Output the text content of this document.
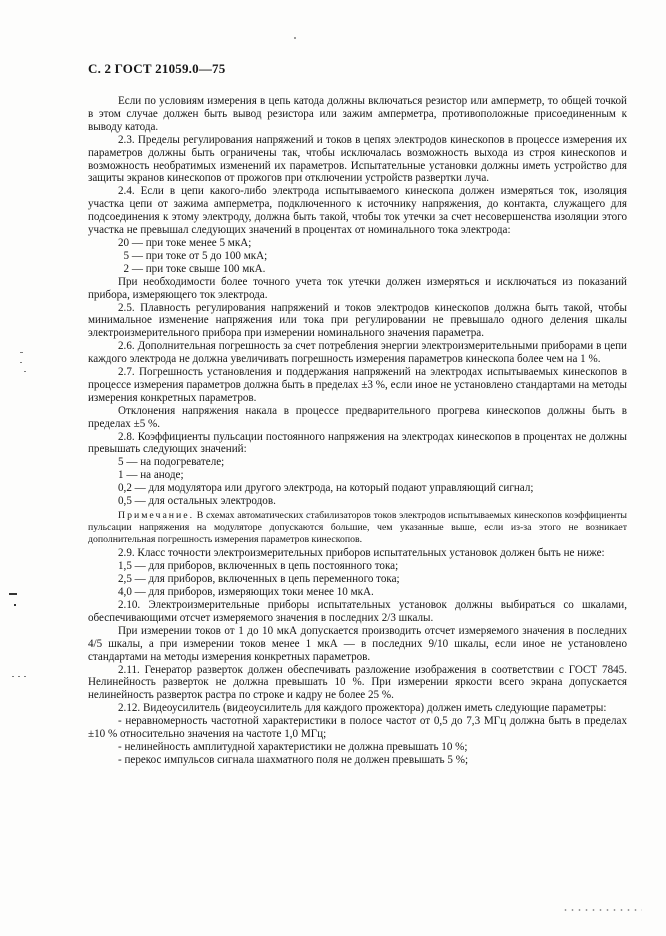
С. 2 ГОСТ 21059.0—75

Если по условиям измерения в цепь катода должны включаться резистор или амперметр, то общей точкой в этом случае должен быть вывод резистора или зажим амперметра, противоположные присоединенным к выводу катода.

2.3. Пределы регулирования напряжений и токов в цепях электродов кинескопов в процессе измерения их параметров должны быть ограничены так, чтобы исключалась возможность выхода из строя кинескопов и возможность необратимых изменений их параметров. Испытательные установки должны иметь устройство для защиты экранов кинескопов от прожогов при отключении устройств развертки луча.

2.4. Если в цепи какого-либо электрода испытываемого кинескопа должен измеряться ток, изоляция участка цепи от зажима амперметра, подключенного к источнику напряжения, до контакта, служащего для подсоединения к этому электроду, должна быть такой, чтобы ток утечки за счет несовершенства изоляции этого участка не превышал следующих значений в процентах от номинального тока электрода:

20 — при токе менее 5 мкА;

5 — при токе от 5 до 100 мкА;

2 — при токе свыше 100 мкА.

При необходимости более точного учета ток утечки должен измеряться и исключаться из показаний прибора, измеряющего ток электрода.

2.5. Плавность регулирования напряжений и токов электродов кинескопов должна быть такой, чтобы минимальное изменение напряжения или тока при регулировании не превышало одного деления шкалы электроизмерительного прибора при измерении номинального значения параметра.

2.6. Дополнительная погрешность за счет потребления энергии электроизмерительными приборами в цепи каждого электрода не должна увеличивать погрешность измерения параметров кинескопа более чем на 1 %.

2.7. Погрешность установления и поддержания напряжений на электродах испытываемых кинескопов в процессе измерения параметров должна быть в пределах ±3 %, если иное не установлено стандартами на методы измерения конкретных параметров.

Отклонения напряжения накала в процессе предварительного прогрева кинескопов должны быть в пределах ±5 %.

2.8. Коэффициенты пульсации постоянного напряжения на электродах кинескопов в процентах не должны превышать следующих значений:

5 — на подогревателе;

1 — на аноде;

0,2 — для модулятора или другого электрода, на который подают управляющий сигнал;

0,5 — для остальных электродов.

Примечание. В схемах автоматических стабилизаторов токов электродов испытываемых кинескопов коэффициенты пульсации напряжения на модуляторе допускаются большие, чем указанные выше, если из-за этого не возникает дополнительная погрешность измерения параметров кинескопов.

2.9. Класс точности электроизмерительных приборов испытательных установок должен быть не ниже:

1,5 — для приборов, включенных в цепь постоянного тока;

2,5 — для приборов, включенных в цепь переменного тока;

4,0 — для приборов, измеряющих токи менее 10 мкА.

2.10. Электроизмерительные приборы испытательных установок должны выбираться со шкалами, обеспечивающими отсчет измеряемого значения в последних 2/3 шкалы.

При измерении токов от 1 до 10 мкА допускается производить отсчет измеряемого значения в последних 4/5 шкалы, а при измерении токов менее 1 мкА — в последних 9/10 шкалы, если иное не установлено стандартами на методы измерения конкретных параметров.

2.11. Генератор разверток должен обеспечивать разложение изображения в соответствии с ГОСТ 7845. Нелинейность разверток не должна превышать 10 %. При измерении яркости всего экрана допускается нелинейность разверток растра по строке и кадру не более 25 %.

2.12. Видеоусилитель (видеоусилитель для каждого прожектора) должен иметь следующие параметры:

- неравномерность частотной характеристики в полосе частот от 0,5 до 7,3 МГц должна быть в пределах ±10 % относительно значения на частоте 1,0 МГц;

- нелинейность амплитудной характеристики не должна превышать 10 %;

- перекос импульсов сигнала шахматного поля не должен превышать 5 %;
